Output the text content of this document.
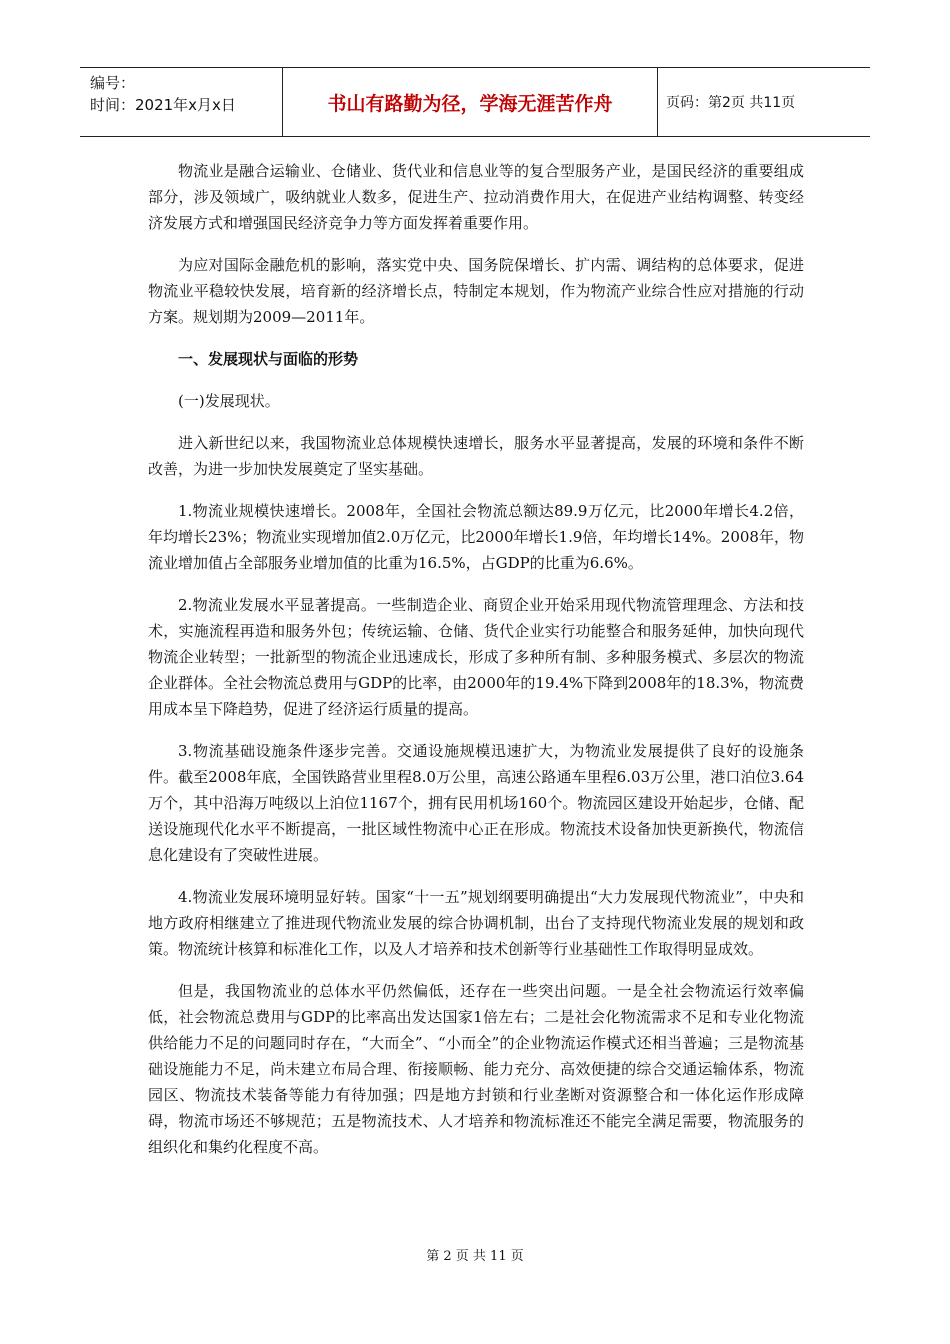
编号：
时间：2021年x月x日	书山有路勤为径，学海无涯苦作舟	页码：第2页 共11页

物流业是融合运输业、仓储业、货代业和信息业等的复合型服务产业，是国民经济的重要组成部分，涉及领域广，吸纳就业人数多，促进生产、拉动消费作用大，在促进产业结构调整、转变经济发展方式和增强国民经济竞争力等方面发挥着重要作用。

为应对国际金融危机的影响，落实党中央、国务院保增长、扩内需、调结构的总体要求，促进物流业平稳较快发展，培育新的经济增长点，特制定本规划，作为物流产业综合性应对措施的行动方案。规划期为2009—2011年。

一、发展现状与面临的形势

(一)发展现状。

进入新世纪以来，我国物流业总体规模快速增长，服务水平显著提高，发展的环境和条件不断改善，为进一步加快发展奠定了坚实基础。

1.物流业规模快速增长。2008年，全国社会物流总额达89.9万亿元，比2000年增长4.2倍，年均增长23%；物流业实现增加值2.0万亿元，比2000年增长1.9倍，年均增长14%。2008年，物流业增加值占全部服务业增加值的比重为16.5%，占GDP的比重为6.6%。

2.物流业发展水平显著提高。一些制造企业、商贸企业开始采用现代物流管理理念、方法和技术，实施流程再造和服务外包；传统运输、仓储、货代企业实行功能整合和服务延伸，加快向现代物流企业转型；一批新型的物流企业迅速成长，形成了多种所有制、多种服务模式、多层次的物流企业群体。全社会物流总费用与GDP的比率，由2000年的19.4%下降到2008年的18.3%，物流费用成本呈下降趋势，促进了经济运行质量的提高。

3.物流基础设施条件逐步完善。交通设施规模迅速扩大，为物流业发展提供了良好的设施条件。截至2008年底，全国铁路营业里程8.0万公里，高速公路通车里程6.03万公里，港口泊位3.64万个，其中沿海万吨级以上泊位1167个，拥有民用机场160个。物流园区建设开始起步，仓储、配送设施现代化水平不断提高，一批区域性物流中心正在形成。物流技术设备加快更新换代，物流信息化建设有了突破性进展。

4.物流业发展环境明显好转。国家“十一五”规划纲要明确提出“大力发展现代物流业”，中央和地方政府相继建立了推进现代物流业发展的综合协调机制，出台了支持现代物流业发展的规划和政策。物流统计核算和标准化工作，以及人才培养和技术创新等行业基础性工作取得明显成效。

但是，我国物流业的总体水平仍然偏低，还存在一些突出问题。一是全社会物流运行效率偏低，社会物流总费用与GDP的比率高出发达国家1倍左右；二是社会化物流需求不足和专业化物流供给能力不足的问题同时存在，“大而全”、“小而全”的企业物流运作模式还相当普遍；三是物流基础设施能力不足，尚未建立布局合理、衔接顺畅、能力充分、高效便捷的综合交通运输体系，物流园区、物流技术装备等能力有待加强；四是地方封锁和行业垄断对资源整合和一体化运作形成障碍，物流市场还不够规范；五是物流技术、人才培养和物流标准还不能完全满足需要，物流服务的组织化和集约化程度不高。

第 2 页 共 11 页
